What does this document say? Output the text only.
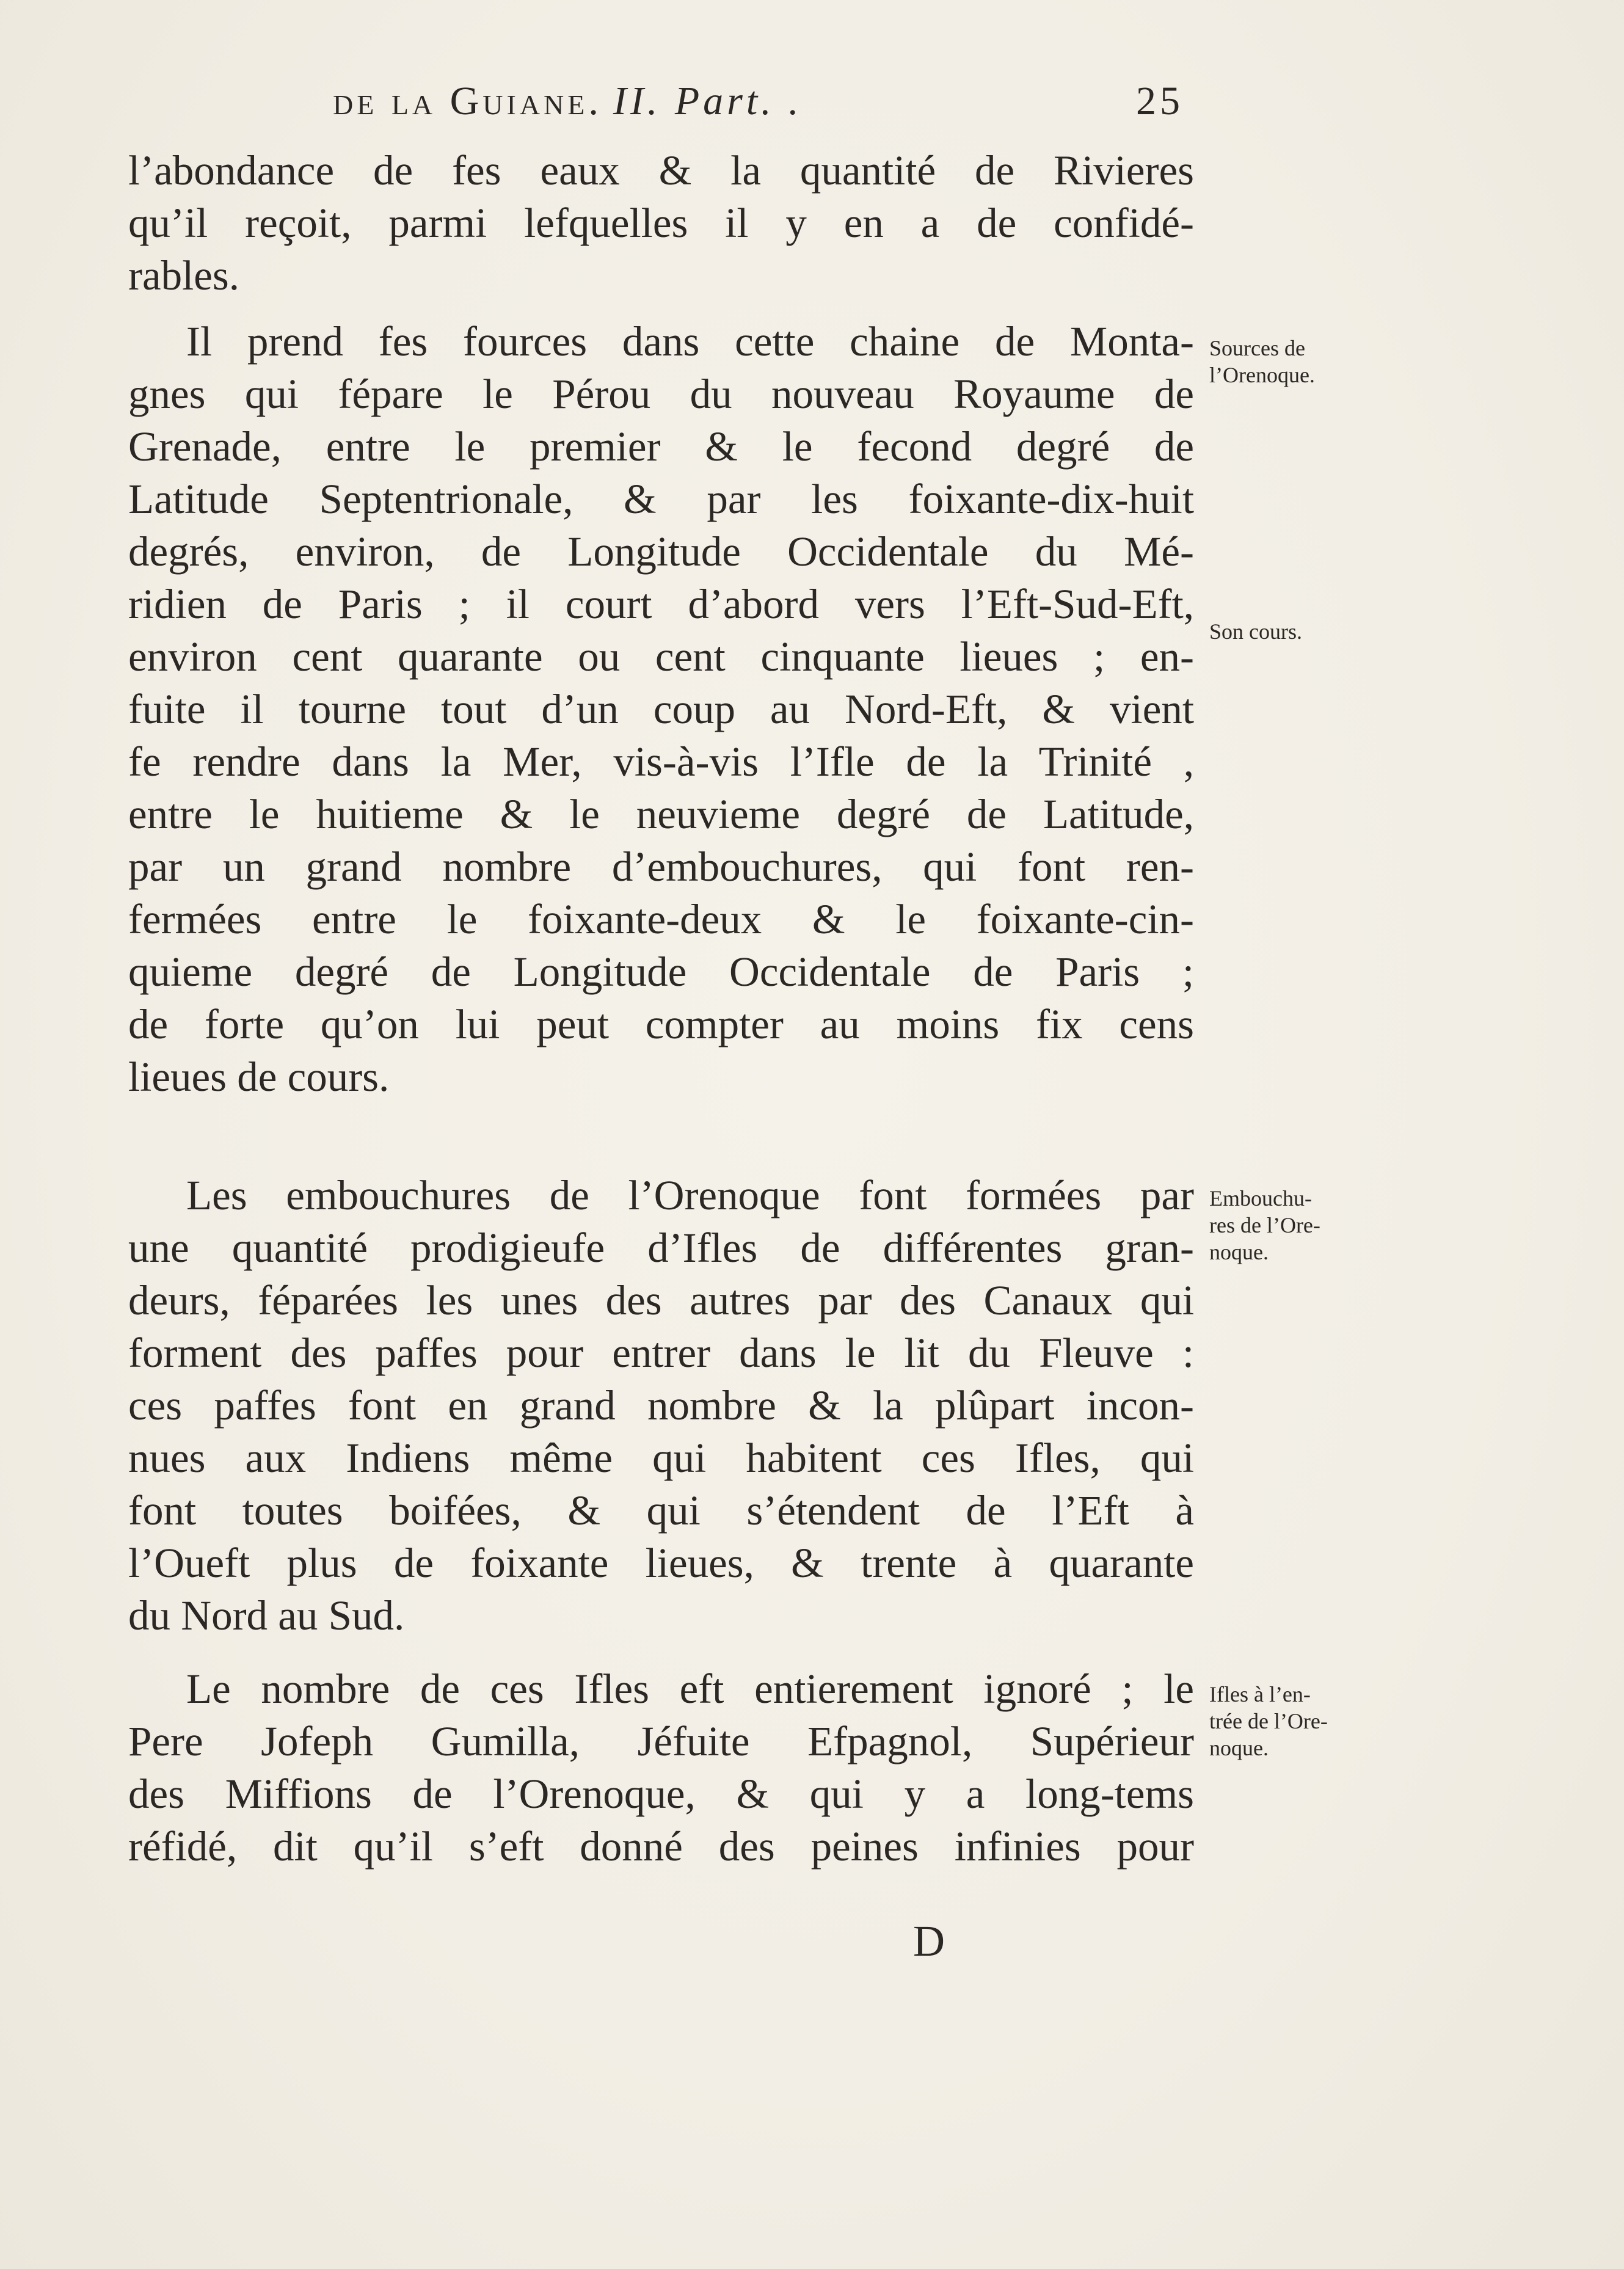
de la Guiane. II. Part. .	25
l’abondance de fes eaux & la quantité de Rivieres
qu’il reçoit, parmi lefquelles il y en a de confidé-
rables.
Il prend fes fources dans cette chaine de Monta-
gnes qui fépare le Pérou du nouveau Royaume de
Grenade, entre le premier & le fecond degré de
Latitude Septentrionale, & par les foixante-dix-huit
degrés, environ, de Longitude Occidentale du Mé-
ridien de Paris ; il court d’abord vers l’Eft-Sud-Eft,
environ cent quarante ou cent cinquante lieues ; en-
fuite il tourne tout d’un coup au Nord-Eft, & vient
fe rendre dans la Mer, vis-à-vis l’Ifle de la Trinité ,
entre le huitieme & le neuvieme degré de Latitude,
par un grand nombre d’embouchures, qui font ren-
fermées entre le foixante-deux & le foixante-cin-
quieme degré de Longitude Occidentale de Paris ;
de forte qu’on lui peut compter au moins fix cens
lieues de cours.
Les embouchures de l’Orenoque font formées par
une quantité prodigieufe d’Ifles de différentes gran-
deurs, féparées les unes des autres par des Canaux qui
forment des paffes pour entrer dans le lit du Fleuve :
ces paffes font en grand nombre & la plûpart incon-
nues aux Indiens même qui habitent ces Ifles, qui
font toutes boifées, & qui s’étendent de l’Eft à
l’Oueft plus de foixante lieues, & trente à quarante
du Nord au Sud.
Le nombre de ces Ifles eft entierement ignoré ; le
Pere Jofeph Gumilla, Jéfuite Efpagnol, Supérieur
des Miffions de l’Orenoque, & qui y a long-tems
réfidé, dit qu’il s’eft donné des peines infinies pour
Sources de
l’Orenoque.
Son cours.
Embouchu-
res de l’Ore-
noque.
Ifles à l’en-
trée de l’Ore-
noque.
D
